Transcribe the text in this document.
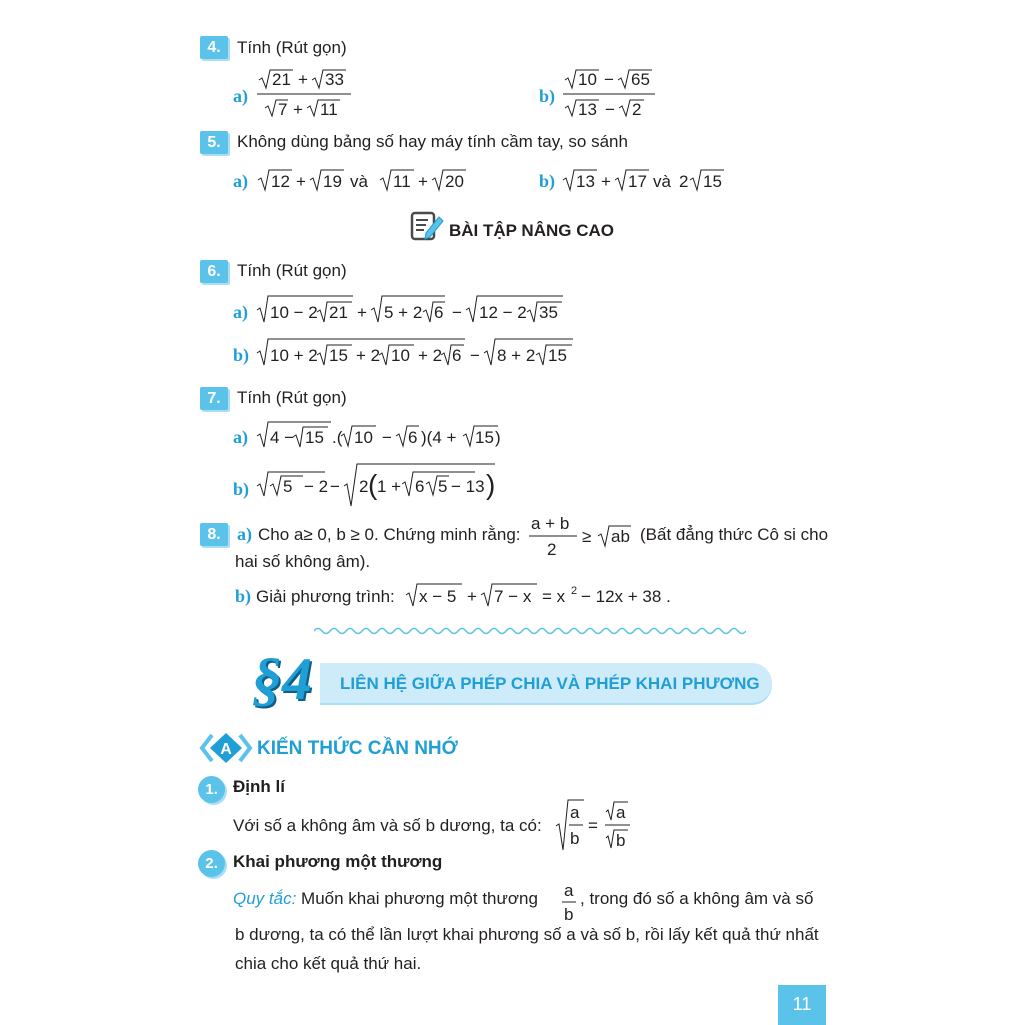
4. Tính (Rút gọn)
a)
21 + 33
7 + 11
b)
10 − 65
13 − 2
5. Không dùng bảng số hay máy tính cầm tay, so sánh
a) 12 + 19 và 11 + 20	b) 13 + 17 và 2 15
BÀI TẬP NÂNG CAO
6. Tính (Rút gọn)
a) 10 − 2 21 + 5 + 2 6 − 12 − 2 35
b) 10 + 2 15 + 2 10 + 2 6 − 8 + 2 15
7. Tính (Rút gọn)
a) 4 − 15 .( 10 − 6 )(4 + 15 )
b) 5 − 2 − 2 ( 1 + 6 5 − 13 )
8. a) Cho a≥ 0, b ≥ 0. Chứng minh rằng:
a + b
2
≥ ab (Bất đẳng thức Cô si cho
hai số không âm).
b) Giải phương trình: x − 5 + 7 − x = x 2 − 12x + 38 .
§4 LIÊN HỆ GIỮA PHÉP CHIA VÀ PHÉP KHAI PHƯƠNG
A KIẾN THỨC CẦN NHỚ
1. Định lí
Với số a không âm và số b dương, ta có:
a
b
=
a
b
2. Khai phương một thương
Quy tắc: Muốn khai phương một thương a
b
, trong đó số a không âm và số
b dương, ta có thể lần lượt khai phương số a và số b, rồi lấy kết quả thứ nhất
chia cho kết quả thứ hai.
11
